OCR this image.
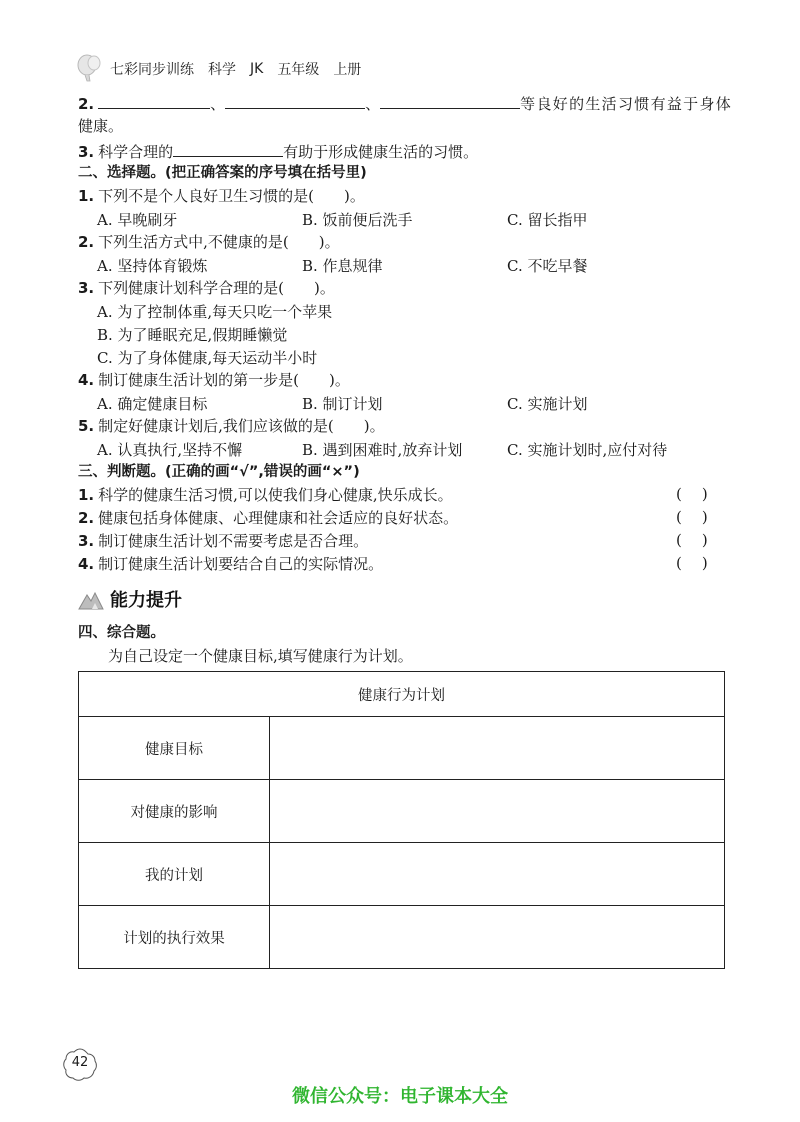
七彩同步训练 科学 JK 五年级 上册
2.	、	、	等良好的生活习惯有益于身体
健康。
3. 科学合理的	有助于形成健康生活的习惯。
二、选择题。(把正确答案的序号填在括号里)
1. 下列不是个人良好卫生习惯的是(　　)。
A. 早晚刷牙	B. 饭前便后洗手	C. 留长指甲
2. 下列生活方式中,不健康的是(　　)。
A. 坚持体育锻炼	B. 作息规律	C. 不吃早餐
3. 下列健康计划科学合理的是(　　)。
A. 为了控制体重,每天只吃一个苹果
B. 为了睡眠充足,假期睡懒觉
C. 为了身体健康,每天运动半小时
4. 制订健康生活计划的第一步是(　　)。
A. 确定健康目标	B. 制订计划	C. 实施计划
5. 制定好健康计划后,我们应该做的是(　　)。
A. 认真执行,坚持不懈	B. 遇到困难时,放弃计划	C. 实施计划时,应付对待
三、判断题。(正确的画“√”,错误的画“×”)
1. 科学的健康生活习惯,可以使我们身心健康,快乐成长。	()
2. 健康包括身体健康、心理健康和社会适应的良好状态。	()
3. 制订健康生活计划不需要考虑是否合理。	()
4. 制订健康生活计划要结合自己的实际情况。	()
能力提升
四、综合题。
为自己设定一个健康目标,填写健康行为计划。
健康行为计划	
健康目标	
对健康的影响	
我的计划	
计划的执行效果	
42
微信公众号：电子课本大全
